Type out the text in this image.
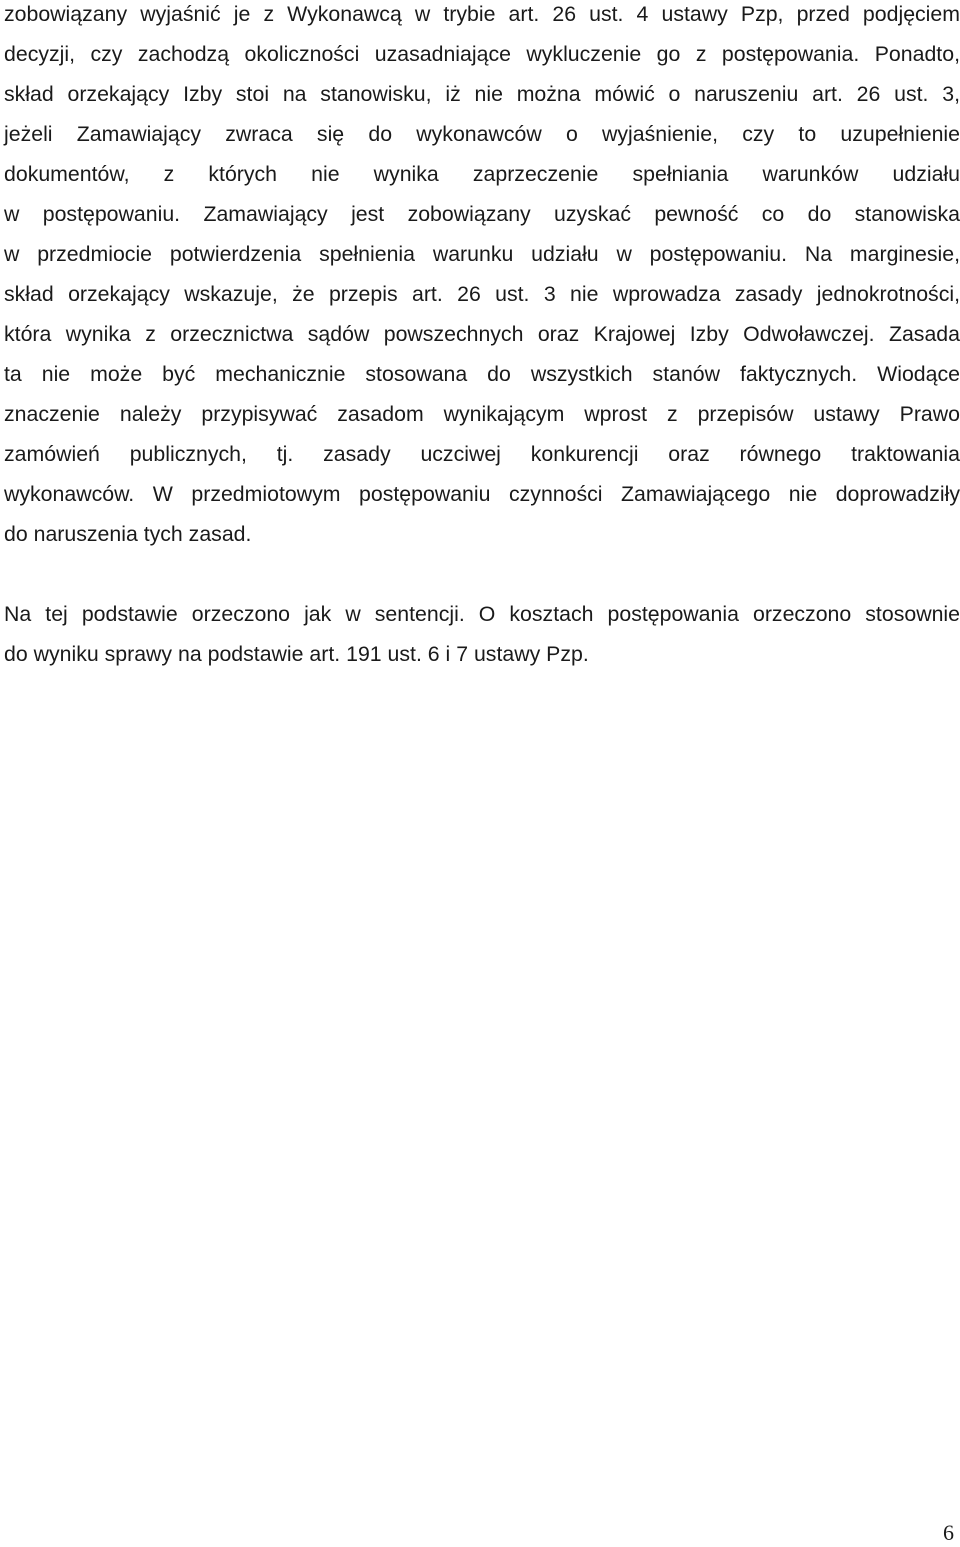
zobowiązany wyjaśnić je z Wykonawcą w trybie art. 26 ust. 4 ustawy Pzp, przed podjęciem
decyzji, czy zachodzą okoliczności uzasadniające wykluczenie go z postępowania. Ponadto,
skład orzekający Izby stoi na stanowisku, iż nie można mówić o naruszeniu art. 26 ust. 3,
jeżeli Zamawiający zwraca się do wykonawców o wyjaśnienie, czy to uzupełnienie
dokumentów, z których nie wynika zaprzeczenie spełniania warunków udziału
w postępowaniu. Zamawiający jest zobowiązany uzyskać pewność co do stanowiska
w przedmiocie potwierdzenia spełnienia warunku udziału w postępowaniu. Na marginesie,
skład orzekający wskazuje, że przepis art. 26 ust. 3 nie wprowadza zasady jednokrotności,
która wynika z orzecznictwa sądów powszechnych oraz Krajowej Izby Odwoławczej. Zasada
ta nie może być mechanicznie stosowana do wszystkich stanów faktycznych. Wiodące
znaczenie należy przypisywać zasadom wynikającym wprost z przepisów ustawy Prawo
zamówień publicznych, tj. zasady uczciwej konkurencji oraz równego traktowania
wykonawców. W przedmiotowym postępowaniu czynności Zamawiającego nie doprowadziły
do naruszenia tych zasad.
Na tej podstawie orzeczono jak w sentencji. O kosztach postępowania orzeczono stosownie
do wyniku sprawy na podstawie art. 191 ust. 6 i 7 ustawy Pzp.
6
